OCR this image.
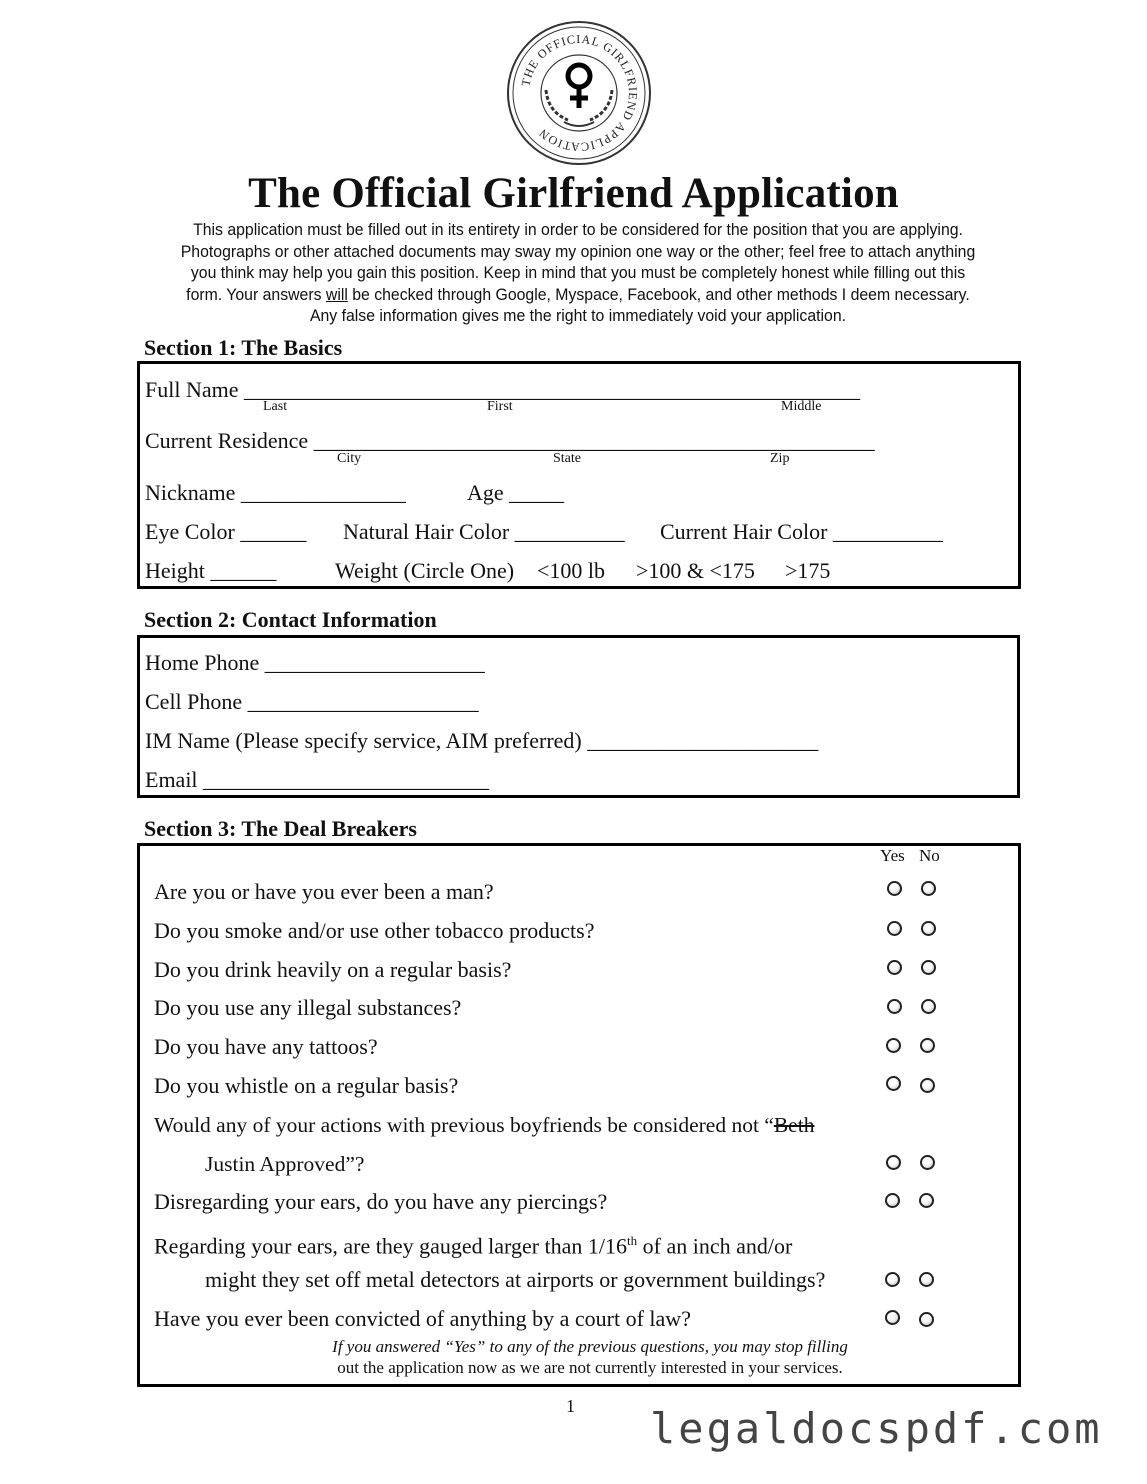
THE OFFICIAL GIRLFRIEND APPLICATION
The Official Girlfriend Application
This application must be filled out in its entirety in order to be considered for the position that you are applying.
Photographs or other attached documents may sway my opinion one way or the other; feel free to attach anything
you think may help you gain this position. Keep in mind that you must be completely honest while filling out this
form. Your answers will be checked through Google, Myspace, Facebook, and other methods I deem necessary.
Any false information gives me the right to immediately void your application.
Section 1: The Basics
Full Name ________________________________________________________
Last	First	Middle
Current Residence ___________________________________________________
City	State	Zip
Nickname _______________	Age _____
Eye Color ______ Natural Hair Color __________ Current Hair Color __________
Height ______	Weight (Circle One) <100 lb >100 & <175 >175
Section 2: Contact Information
Home Phone ____________________
Cell Phone _____________________
IM Name (Please specify service, AIM preferred) _____________________
Email __________________________
Section 3: The Deal Breakers
Yes No
Are you or have you ever been a man?
Do you smoke and/or use other tobacco products?
Do you drink heavily on a regular basis?
Do you use any illegal substances?
Do you have any tattoos?
Do you whistle on a regular basis?
Would any of your actions with previous boyfriends be considered not “Beth
Justin Approved”?
Disregarding your ears, do you have any piercings?
Regarding your ears, are they gauged larger than 1/16th of an inch and/or
might they set off metal detectors at airports or government buildings?
Have you ever been convicted of anything by a court of law?
If you answered “Yes” to any of the previous questions, you may stop filling
out the application now as we are not currently interested in your services.
1 legaldocspdf.com
